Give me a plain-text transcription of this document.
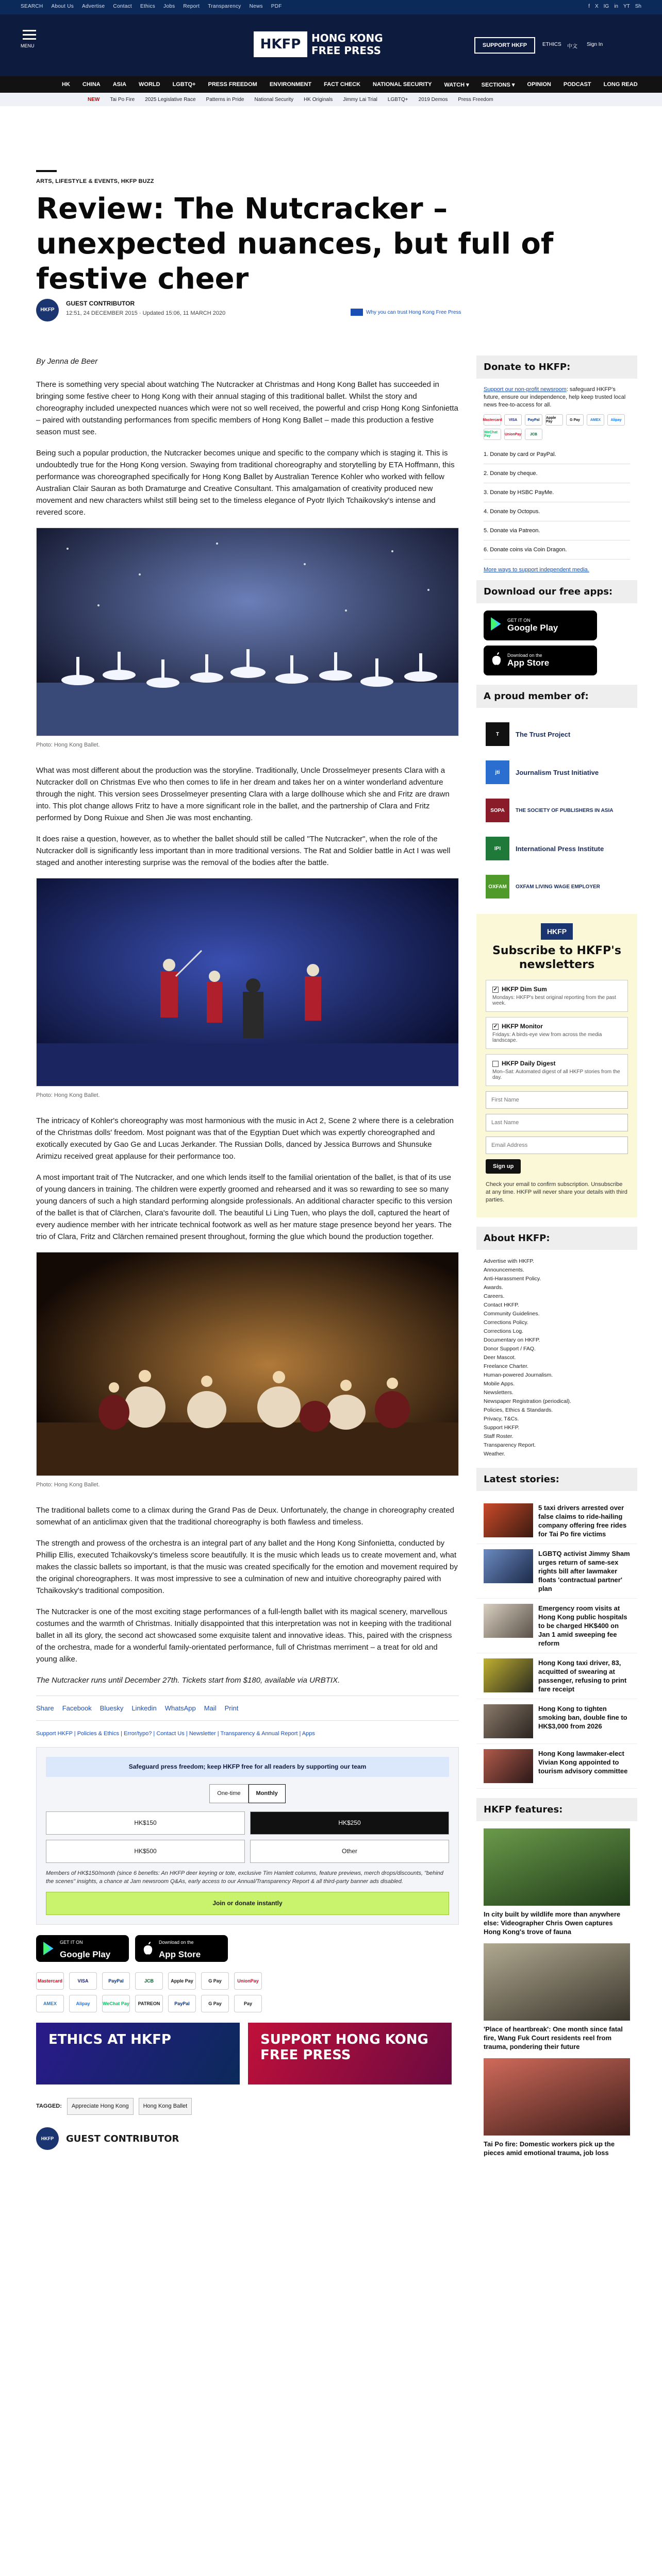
SEARCH About Us Advertise Contact Ethics Jobs Report Transparency News PDF	f X IG in YT Sh
MENU	HKFP	HONG KONG
FREE PRESS	SUPPORT HKFP	ETHICS 中文 Sign In
HK CHINA ASIA WORLD LGBTQ+ PRESS FREEDOM ENVIRONMENT FACT CHECK NATIONAL SECURITY WATCH ▾ SECTIONS ▾ OPINION PODCAST LONG READ
NEW Tai Po Fire 2025 Legislative Race Patterns in Pride National Security HK Originals Jimmy Lai Trial LGBTQ+ 2019 Demos Press Freedom
ARTS, LIFESTYLE & EVENTS, HKFP BUZZ
Review: The Nutcracker – unexpected nuances, but full of festive cheer
HKFP
GUEST CONTRIBUTOR
12:51, 24 DECEMBER 2015 · Updated 15:06, 11 MARCH 2020	Why you can trust Hong Kong Free Press

By Jenna de Beer

There is something very special about watching The Nutcracker at Christmas and Hong Kong Ballet has succeeded in bringing some festive cheer to Hong Kong with their annual staging of this traditional ballet. Whilst the story and choreography included unexpected nuances which were not so well received, the powerful and crisp Hong Kong Sinfonietta – paired with outstanding performances from specific members of Hong Kong Ballet – made this production a festive season must see.

Being such a popular production, the Nutcracker becomes unique and specific to the company which is staging it. This is undoubtedly true for the Hong Kong version. Swaying from traditional choreography and storytelling by ETA Hoffmann, this performance was choreographed specifically for Hong Kong Ballet by Australian Terence Kohler who worked with fellow Australian Clair Sauran as both Dramaturge and Creative Consultant. This amalgamation of creativity produced new movement and new characters whilst still being set to the timeless elegance of Pyotr Ilyich Tchaikovsky's intense and revered score.

Photo: Hong Kong Ballet.

What was most different about the production was the storyline. Traditionally, Uncle Drosselmeyer presents Clara with a Nutcracker doll on Christmas Eve who then comes to life in her dream and takes her on a winter wonderland adventure through the night. This version sees Drosselmeyer presenting Clara with a large dollhouse which she and Fritz are drawn into. This plot change allows Fritz to have a more significant role in the ballet, and the partnership of Clara and Fritz performed by Dong Ruixue and Shen Jie was most enchanting.

It does raise a question, however, as to whether the ballet should still be called "The Nutcracker", when the role of the Nutcracker doll is significantly less important than in more traditional versions. The Rat and Soldier battle in Act I was well staged and another interesting surprise was the removal of the bodies after the battle.

Photo: Hong Kong Ballet.

The intricacy of Kohler's choreography was most harmonious with the music in Act 2, Scene 2 where there is a celebration of the Christmas dolls' freedom. Most poignant was that of the Egyptian Duet which was expertly choreographed and exotically executed by Gao Ge and Lucas Jerkander. The Russian Dolls, danced by Jessica Burrows and Shunsuke Arimizu received great applause for their performance too.

A most important trait of The Nutcracker, and one which lends itself to the familial orientation of the ballet, is that of its use of young dancers in training. The children were expertly groomed and rehearsed and it was so rewarding to see so many young dancers of such a high standard performing alongside professionals. An additional character specific to this version of the ballet is that of Clärchen, Clara's favourite doll. The beautiful Li Ling Tuen, who plays the doll, captured the heart of every audience member with her intricate technical footwork as well as her mature stage presence beyond her years. The trio of Clara, Fritz and Clärchen remained present throughout, forming the glue which bound the production together.

Photo: Hong Kong Ballet.

The traditional ballets come to a climax during the Grand Pas de Deux. Unfortunately, the change in choreography created somewhat of an anticlimax given that the traditional choreography is both flawless and timeless.

The strength and prowess of the orchestra is an integral part of any ballet and the Hong Kong Sinfonietta, conducted by Phillip Ellis, executed Tchaikovsky's timeless score beautifully. It is the music which leads us to create movement and, what makes the classic ballets so important, is that the music was created specifically for the emotion and movement required by the original choreographers. It was most impressive to see a culmination of new and intuitive choreography paired with Tchaikovsky's traditional composition.

The Nutcracker is one of the most exciting stage performances of a full-length ballet with its magical scenery, marvellous costumes and the warmth of Christmas. Initially disappointed that this interpretation was not in keeping with the traditional ballet in all its glory, the second act showcased some exquisite talent and innovative ideas. This, paired with the crispness of the orchestra, made for a wonderful family-orientated performance, full of Christmas merriment – a treat for old and young alike.

The Nutcracker runs until December 27th. Tickets start from $180, available via URBTIX.

Share Facebook Bluesky Linkedin WhatsApp Mail Print
Support HKFP | Policies & Ethics | Error/typo? | Contact Us | Newsletter | Transparency & Annual Report | Apps
Safeguard press freedom; keep HKFP free for all readers by supporting our team
One-time	Monthly
HK$150	HK$250
HK$500	Other
Members of HK$150/month (since 6 benefits: An HKFP deer keyring or tote, exclusive Tim Hamlett columns, feature previews, merch drops/discounts, "behind the scenes" insights, a chance at Jam newsroom Q&As, early access to our Annual/Transparency Report & all third-party banner ads disabled.
Join or donate instantly
GET IT ON
Google Play
Download on the
App Store
Mastercard	VISA	PayPal	JCB	Apple Pay	G Pay	UnionPay
AMEX	Alipay	WeChat Pay	PATREON	PayPal	G Pay	Pay
ETHICS AT HKFP	SUPPORT HONG KONG FREE PRESS
TAGGED:	Appreciate Hong Kong	Hong Kong Ballet
HKFP	GUEST CONTRIBUTOR
Donate to HKFP:
Support our non-profit newsroom: safeguard HKFP's future, ensure our independence, help keep trusted local news free-to-access for all.
Mastercard	VISA	PayPal	Apple Pay	G Pay	AMEX	Alipay
WeChat Pay	UnionPay	JCB
1. Donate by card or PayPal.
2. Donate by cheque.
3. Donate by HSBC PayMe.
4. Donate by Octopus.
5. Donate via Patreon.
6. Donate coins via Coin Dragon.
More ways to support independent media.
Download our free apps:
GET IT ON
Google Play
Download on the
App Store
A proud member of:
T	The Trust Project
jti	Journalism Trust Initiative
SOPA	THE SOCIETY OF PUBLISHERS IN ASIA
IPI	International Press Institute
OXFAM	OXFAM LIVING WAGE EMPLOYER
HKFP
Subscribe to HKFP's newsletters
✓ HKFP Dim Sum
Mondays: HKFP's best original reporting from the past week.
✓ HKFP Monitor
Fridays: A birds-eye view from across the media landscape.
HKFP Daily Digest
Mon–Sat: Automated digest of all HKFP stories from the day.
First Name Last Name Email Address Sign up
Check your email to confirm subscription. Unsubscribe at any time. HKFP will never share your details with third parties.
About HKFP:
Advertise with HKFP.
Announcements.
Anti-Harassment Policy.
Awards.
Careers.
Contact HKFP.
Community Guidelines.
Corrections Policy.
Corrections Log.
Documentary on HKFP.
Donor Support / FAQ.
Deer Mascot.
Freelance Charter.
Human-powered Journalism.
Mobile Apps.
Newsletters.
Newspaper Registration (periodical).
Policies, Ethics & Standards.
Privacy, T&Cs.
Support HKFP.
Staff Roster.
Transparency Report.
Weather.
Latest stories:
5 taxi drivers arrested over false claims to ride-hailing company offering free rides for Tai Po fire victims
LGBTQ activist Jimmy Sham urges return of same-sex rights bill after lawmaker floats 'contractual partner' plan
Emergency room visits at Hong Kong public hospitals to be charged HK$400 on Jan 1 amid sweeping fee reform
Hong Kong taxi driver, 83, acquitted of swearing at passenger, refusing to print fare receipt
Hong Kong to tighten smoking ban, double fine to HK$3,000 from 2026
Hong Kong lawmaker-elect Vivian Kong appointed to tourism advisory committee
HKFP features:
In city built by wildlife more than anywhere else: Videographer Chris Owen captures Hong Kong's trove of fauna
'Place of heartbreak': One month since fatal fire, Wang Fuk Court residents reel from trauma, pondering their future
Tai Po fire: Domestic workers pick up the pieces amid emotional trauma, job loss
